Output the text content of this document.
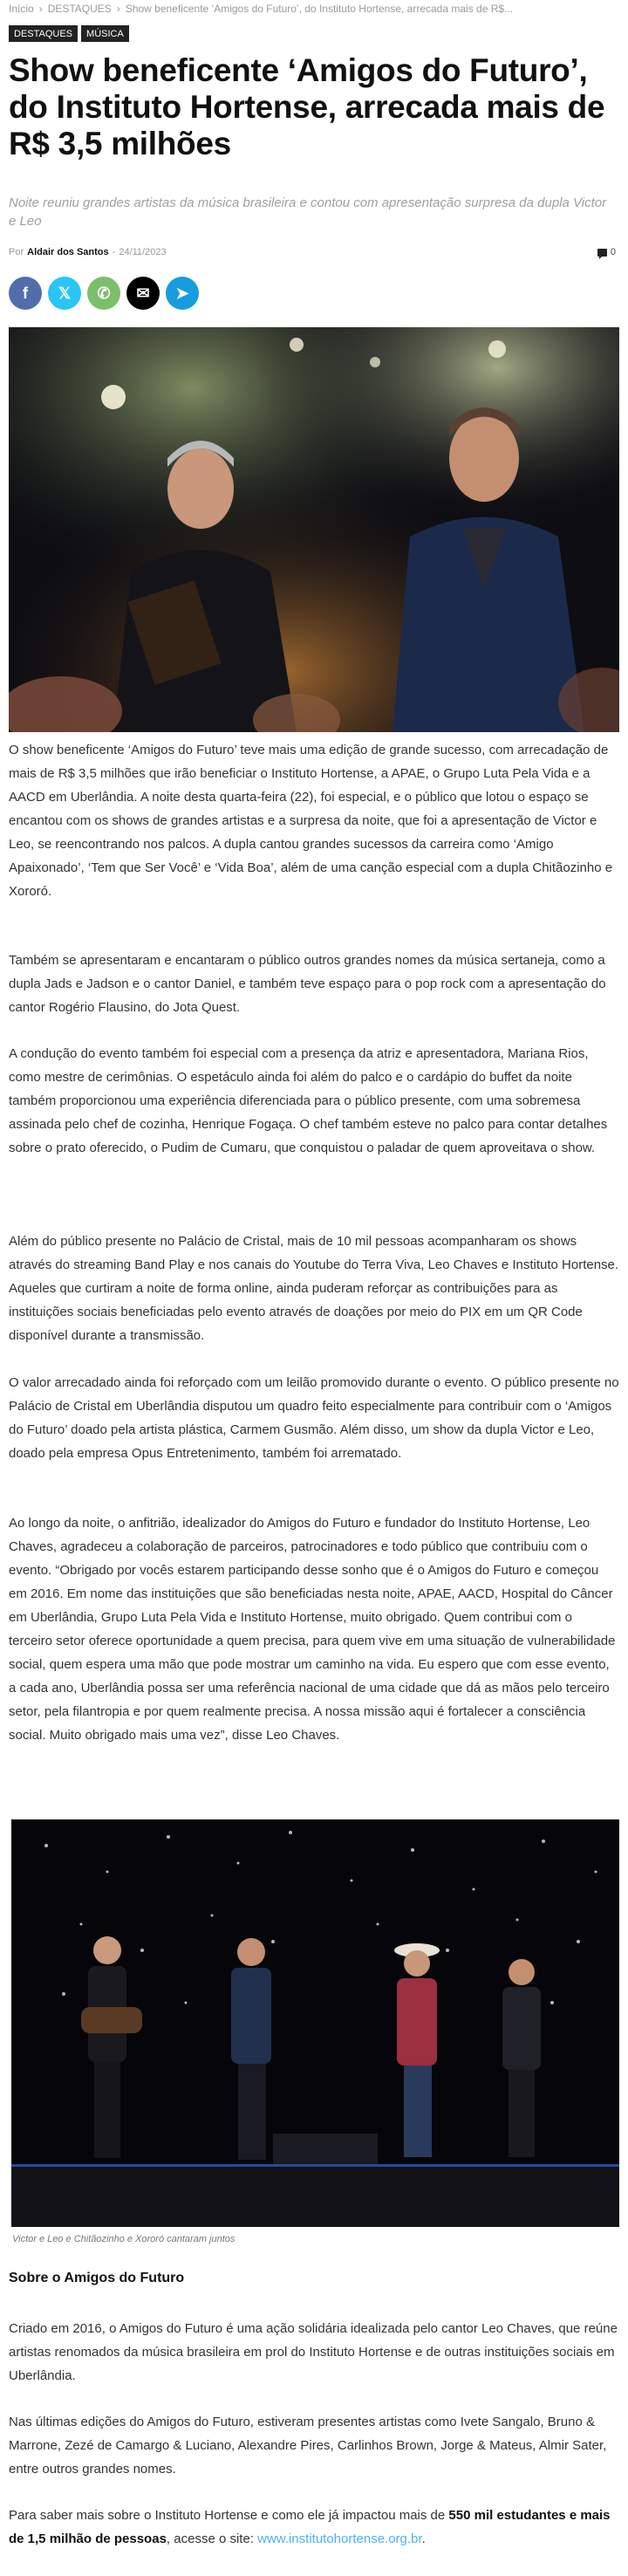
Início › DESTAQUES › Show beneficente ‘Amigos do Futuro’, do Instituto Hortense, arrecada mais de R$...
DESTAQUES	MÚSICA
Show beneficente ‘Amigos do Futuro’, do Instituto Hortense, arrecada mais de R$ 3,5 milhões

Noite reuniu grandes artistas da música brasileira e contou com apresentação surpresa da dupla Victor e Leo

Por Aldair dos Santos - 24/11/2023	0
f 𝕏 ✆ ✉ ➤

O show beneficente ‘Amigos do Futuro’ teve mais uma edição de grande sucesso, com arrecadação de mais de R$ 3,5 milhões que irão beneficiar o Instituto Hortense, a APAE, o Grupo Luta Pela Vida e a AACD em Uberlândia. A noite desta quarta-feira (22), foi especial, e o público que lotou o espaço se encantou com os shows de grandes artistas e a surpresa da noite, que foi a apresentação de Victor e Leo, se reencontrando nos palcos. A dupla cantou grandes sucessos da carreira como ‘Amigo Apaixonado’, ‘Tem que Ser Você’ e ‘Vida Boa’, além de uma canção especial com a dupla Chitãozinho e Xororó.

Também se apresentaram e encantaram o público outros grandes nomes da música sertaneja, como a dupla Jads e Jadson e o cantor Daniel, e também teve espaço para o pop rock com a apresentação do cantor Rogério Flausino, do Jota Quest.

A condução do evento também foi especial com a presença da atriz e apresentadora, Mariana Rios, como mestre de cerimônias. O espetáculo ainda foi além do palco e o cardápio do buffet da noite também proporcionou uma experiência diferenciada para o público presente, com uma sobremesa assinada pelo chef de cozinha, Henrique Fogaça. O chef também esteve no palco para contar detalhes sobre o prato oferecido, o Pudim de Cumaru, que conquistou o paladar de quem aproveitava o show.

Além do público presente no Palácio de Cristal, mais de 10 mil pessoas acompanharam os shows através do streaming Band Play e nos canais do Youtube do Terra Viva, Leo Chaves e Instituto Hortense. Aqueles que curtiram a noite de forma online, ainda puderam reforçar as contribuições para as instituições sociais beneficiadas pelo evento através de doações por meio do PIX em um QR Code disponível durante a transmissão.

O valor arrecadado ainda foi reforçado com um leilão promovido durante o evento. O público presente no Palácio de Cristal em Uberlândia disputou um quadro feito especialmente para contribuir com o ‘Amigos do Futuro’ doado pela artista plástica, Carmem Gusmão. Além disso, um show da dupla Victor e Leo, doado pela empresa Opus Entretenimento, também foi arrematado.

Ao longo da noite, o anfitrião, idealizador do Amigos do Futuro e fundador do Instituto Hortense, Leo Chaves, agradeceu a colaboração de parceiros, patrocinadores e todo público que contribuiu com o evento. “Obrigado por vocês estarem participando desse sonho que é o Amigos do Futuro e começou em 2016. Em nome das instituições que são beneficiadas nesta noite, APAE, AACD, Hospital do Câncer em Uberlândia, Grupo Luta Pela Vida e Instituto Hortense, muito obrigado. Quem contribui com o terceiro setor oferece oportunidade a quem precisa, para quem vive em uma situação de vulnerabilidade social, quem espera uma mão que pode mostrar um caminho na vida. Eu espero que com esse evento, a cada ano, Uberlândia possa ser uma referência nacional de uma cidade que dá as mãos pelo terceiro setor, pela filantropia e por quem realmente precisa. A nossa missão aqui é fortalecer a consciência social. Muito obrigado mais uma vez”, disse Leo Chaves.

Victor e Leo e Chitãozinho e Xororó cantaram juntos
Sobre o Amigos do Futuro

Criado em 2016, o Amigos do Futuro é uma ação solidária idealizada pelo cantor Leo Chaves, que reúne artistas renomados da música brasileira em prol do Instituto Hortense e de outras instituições sociais em Uberlândia.

Nas últimas edições do Amigos do Futuro, estiveram presentes artistas como Ivete Sangalo, Bruno & Marrone, Zezé de Camargo & Luciano, Alexandre Pires, Carlinhos Brown, Jorge & Mateus, Almir Sater, entre outros grandes nomes.

Para saber mais sobre o Instituto Hortense e como ele já impactou mais de 550 mil estudantes e mais de 1,5 milhão de pessoas, acesse o site: www.institutohortense.org.br.
